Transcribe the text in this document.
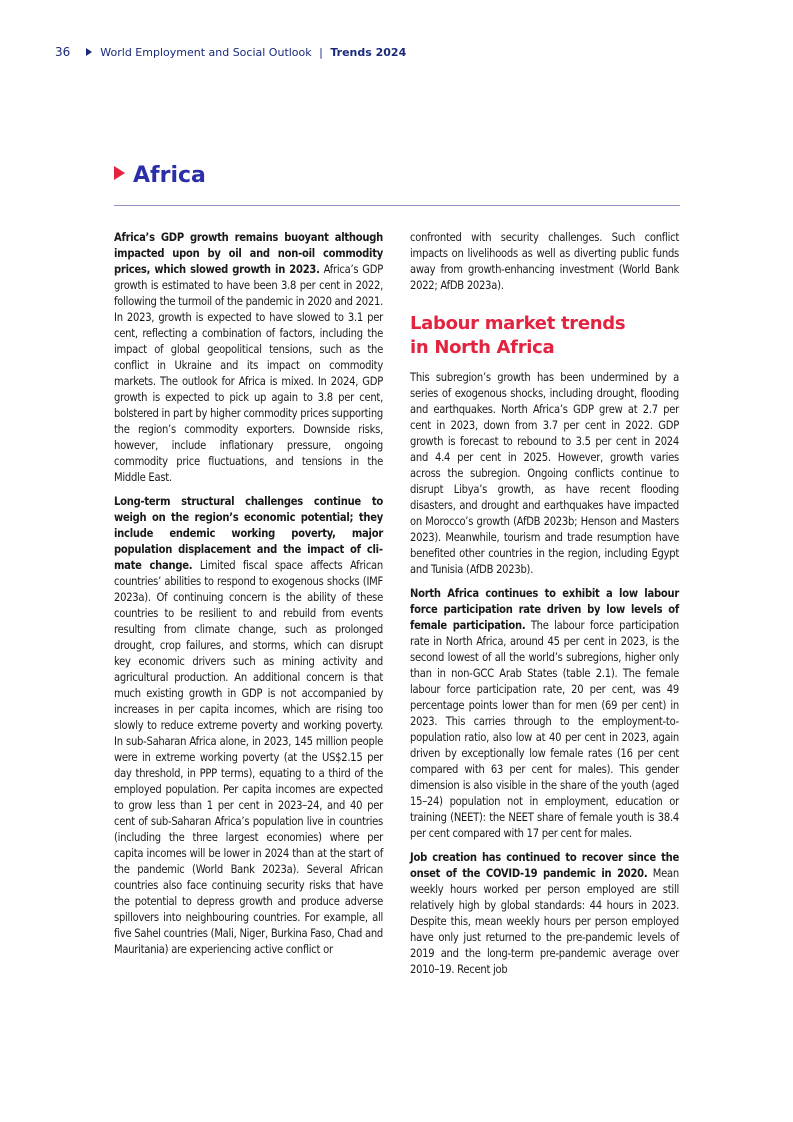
36	World Employment and Social Outlook | Trends 2024
Africa

Africa’s GDP growth remains buoyant although impacted upon by oil and non-oil commodity prices, which slowed growth in 2023. Africa’s GDP growth is estimated to have been 3.8 per cent in 2022, following the turmoil of the pandemic in 2020 and 2021. In 2023, growth is expected to have slowed to 3.1 per cent, reflecting a combination of factors, including the impact of global geopolitical tensions, such as the conflict in Ukraine and its impact on commodity markets. The outlook for Africa is mixed. In 2024, GDP growth is expected to pick up again to 3.8 per cent, bolstered in part by higher commodity prices supporting the region’s commodity exporters. Downside risks, however, include inflationary pressure, ongoing commodity price fluctuations, and tensions in the Middle East.

Long-term structural challenges continue to weigh on the region’s economic potential; they include endemic working poverty, major population displacement and the impact of climate change. Limited fiscal space affects African countries’ abilities to respond to exogenous shocks (IMF 2023a). Of continuing concern is the ability of these countries to be resilient to and rebuild from events resulting from climate change, such as prolonged drought, crop failures, and storms, which can disrupt key economic drivers such as mining activity and agricultural production. An additional concern is that much existing growth in GDP is not accompanied by increases in per capita incomes, which are rising too slowly to reduce extreme poverty and working poverty. In sub-Saharan Africa alone, in 2023, 145 million people were in extreme working poverty (at the US$2.15 per day threshold, in PPP terms), equating to a third of the employed population. Per capita incomes are expected to grow less than 1 per cent in 2023–24, and 40 per cent of sub-Saharan Africa’s population live in countries (including the three largest economies) where per capita incomes will be lower in 2024 than at the start of the pandemic (World Bank 2023a). Several African countries also face continuing security risks that have the potential to depress growth and produce adverse spillovers into neighbouring countries. For example, all five Sahel countries (Mali, Niger, Burkina Faso, Chad and Mauritania) are experiencing active conflict or

confronted with security challenges. Such conflict impacts on livelihoods as well as diverting public funds away from growth-enhancing investment (World Bank 2022; AfDB 2023a).

Labour market trends
in North Africa

This subregion’s growth has been undermined by a series of exogenous shocks, including drought, flooding and earthquakes. North Africa’s GDP grew at 2.7 per cent in 2023, down from 3.7 per cent in 2022. GDP growth is forecast to rebound to 3.5 per cent in 2024 and 4.4 per cent in 2025. However, growth varies across the subregion. Ongoing conflicts continue to disrupt Libya’s growth, as have recent flooding disasters, and drought and earthquakes have impacted on Morocco’s growth (AfDB 2023b; Henson and Masters 2023). Meanwhile, tourism and trade resumption have benefited other countries in the region, including Egypt and Tunisia (AfDB 2023b).

North Africa continues to exhibit a low labour force participation rate driven by low levels of female participation. The labour force participation rate in North Africa, around 45 per cent in 2023, is the second lowest of all the world’s subregions, higher only than in non-GCC Arab States (table 2.1). The female labour force participation rate, 20 per cent, was 49 percentage points lower than for men (69 per cent) in 2023. This carries through to the employment-to-population ratio, also low at 40 per cent in 2023, again driven by exceptionally low female rates (16 per cent compared with 63 per cent for males). This gender dimension is also visible in the share of the youth (aged 15–24) population not in employment, education or training (NEET): the NEET share of female youth is 38.4 per cent compared with 17 per cent for males.

Job creation has continued to recover since the onset of the COVID-19 pandemic in 2020. Mean weekly hours worked per person employed are still relatively high by global standards: 44 hours in 2023. Despite this, mean weekly hours per person employed have only just returned to the pre-pandemic levels of 2019 and the long-term pre-pandemic average over 2010–19. Recent job
